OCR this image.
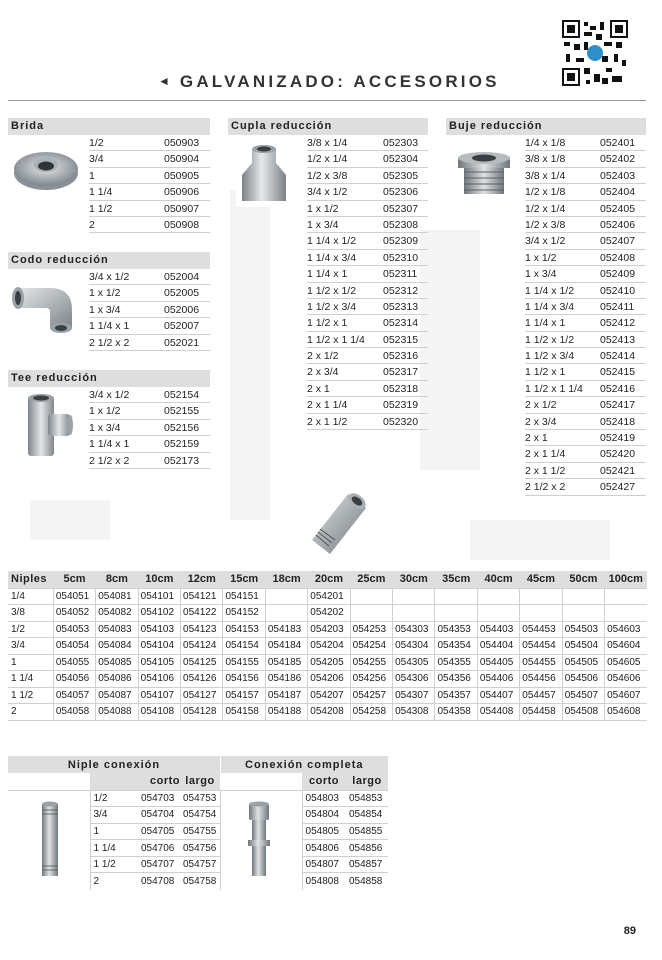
◄ GALVANIZADO: ACCESORIOS
Brida
1/2	050903
3/4	050904
1	050905
1 1/4	050906
1 1/2	050907
2	050908
Codo reducción
3/4 x 1/2	052004
1 x 1/2	052005
1 x 3/4	052006
1 1/4 x 1	052007
2 1/2 x 2	052021
Tee reducción
3/4 x 1/2	052154
1 x 1/2	052155
1 x 3/4	052156
1 1/4 x 1	052159
2 1/2 x 2	052173
Cupla reducción
3/8 x 1/4	052303
1/2 x 1/4	052304
1/2 x 3/8	052305
3/4 x 1/2	052306
1 x 1/2	052307
1 x 3/4	052308
1 1/4 x 1/2	052309
1 1/4 x 3/4	052310
1 1/4 x 1	052311
1 1/2 x 1/2	052312
1 1/2 x 3/4	052313
1 1/2 x 1	052314
1 1/2 x 1 1/4	052315
2 x 1/2	052316
2 x 3/4	052317
2 x 1	052318
2 x 1 1/4	052319
2 x 1 1/2	052320
Buje reducción
1/4 x 1/8	052401
3/8 x 1/8	052402
3/8 x 1/4	052403
1/2 x 1/8	052404
1/2 x 1/4	052405
1/2 x 3/8	052406
3/4 x 1/2	052407
1 x 1/2	052408
1 x 3/4	052409
1 1/4 x 1/2	052410
1 1/4 x 3/4	052411
1 1/4 x 1	052412
1 1/2 x 1/2	052413
1 1/2 x 3/4	052414
1 1/2 x 1	052415
1 1/2 x 1 1/4	052416
2 x 1/2	052417
2 x 3/4	052418
2 x 1	052419
2 x 1 1/4	052420
2 x 1 1/2	052421
2 1/2 x 2	052427
Niples	5cm	8cm	10cm	12cm	15cm	18cm	20cm	25cm	30cm	35cm	40cm	45cm	50cm	100cm
1/4	054051	054081	054101	054121	054151		054201							
3/8	054052	054082	054102	054122	054152		054202							
1/2	054053	054083	054103	054123	054153	054183	054203	054253	054303	054353	054403	054453	054503	054603
3/4	054054	054084	054104	054124	054154	054184	054204	054254	054304	054354	054404	054454	054504	054604
1	054055	054085	054105	054125	054155	054185	054205	054255	054305	054355	054405	054455	054505	054605
1 1/4	054056	054086	054106	054126	054156	054186	054206	054256	054306	054356	054406	054456	054506	054606
1 1/2	054057	054087	054107	054127	054157	054187	054207	054257	054307	054357	054407	054457	054507	054607
2	054058	054088	054108	054128	054158	054188	054208	054258	054308	054358	054408	054458	054508	054608
Niple conexión			
		corto	largo
	1/2	054703	054753
	3/4	054704	054754
	1	054705	054755
	1 1/4	054706	054756
	1 1/2	054707	054757
	2	054708	054758
Conexión completa		
	corto	largo
	054803	054853
	054804	054854
	054805	054855
	054806	054856
	054807	054857
	054808	054858
89
